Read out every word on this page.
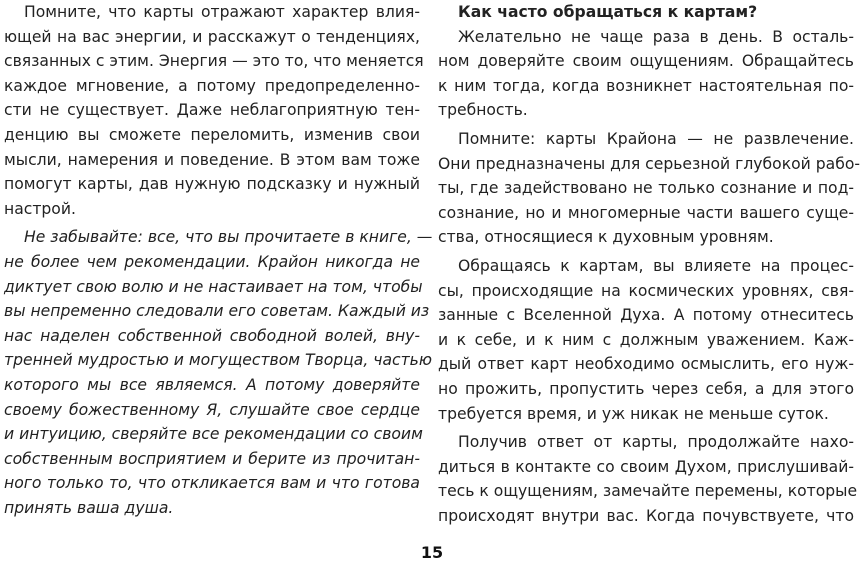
Помните, что карты отражают характер влия-
ющей на вас энергии, и расскажут о тенденциях,
связанных с этим. Энергия — это то, что меняется
каждое мгновение, а потому предопределенно-
сти не существует. Даже неблагоприятную тен-
денцию вы сможете переломить, изменив свои
мысли, намерения и поведение. В этом вам тоже
помогут карты, дав нужную подсказку и нужный
настрой.
Не забывайте: все, что вы прочитаете в книге, —
не более чем рекомендации. Крайон никогда не
диктует свою волю и не настаивает на том, чтобы
вы непременно следовали его советам. Каждый из
нас наделен собственной свободной волей, вну-
тренней мудростью и могуществом Творца, частью
которого мы все являемся. А потому доверяйте
своему божественному Я, слушайте свое сердце
и интуицию, сверяйте все рекомендации со своим
собственным восприятием и берите из прочитан-
ного только то, что откликается вам и что готова
принять ваша душа.
Как часто обращаться к картам?
Желательно не чаще раза в день. В осталь-
ном доверяйте своим ощущениям. Обращайтесь
к ним тогда, когда возникнет настоятельная по-
требность.
Помните: карты Крайона — не развлечение.
Они предназначены для серьезной глубокой рабо-
ты, где задействовано не только сознание и под-
сознание, но и многомерные части вашего суще-
ства, относящиеся к духовным уровням.
Обращаясь к картам, вы влияете на процес-
сы, происходящие на космических уровнях, свя-
занные с Вселенной Духа. А потому отнеситесь
и к себе, и к ним с должным уважением. Каж-
дый ответ карт необходимо осмыслить, его нуж-
но прожить, пропустить через себя, а для этого
требуется время, и уж никак не меньше суток.
Получив ответ от карты, продолжайте нахо-
диться в контакте со своим Духом, прислушивай-
тесь к ощущениям, замечайте перемены, которые
происходят внутри вас. Когда почувствуете, что
15
